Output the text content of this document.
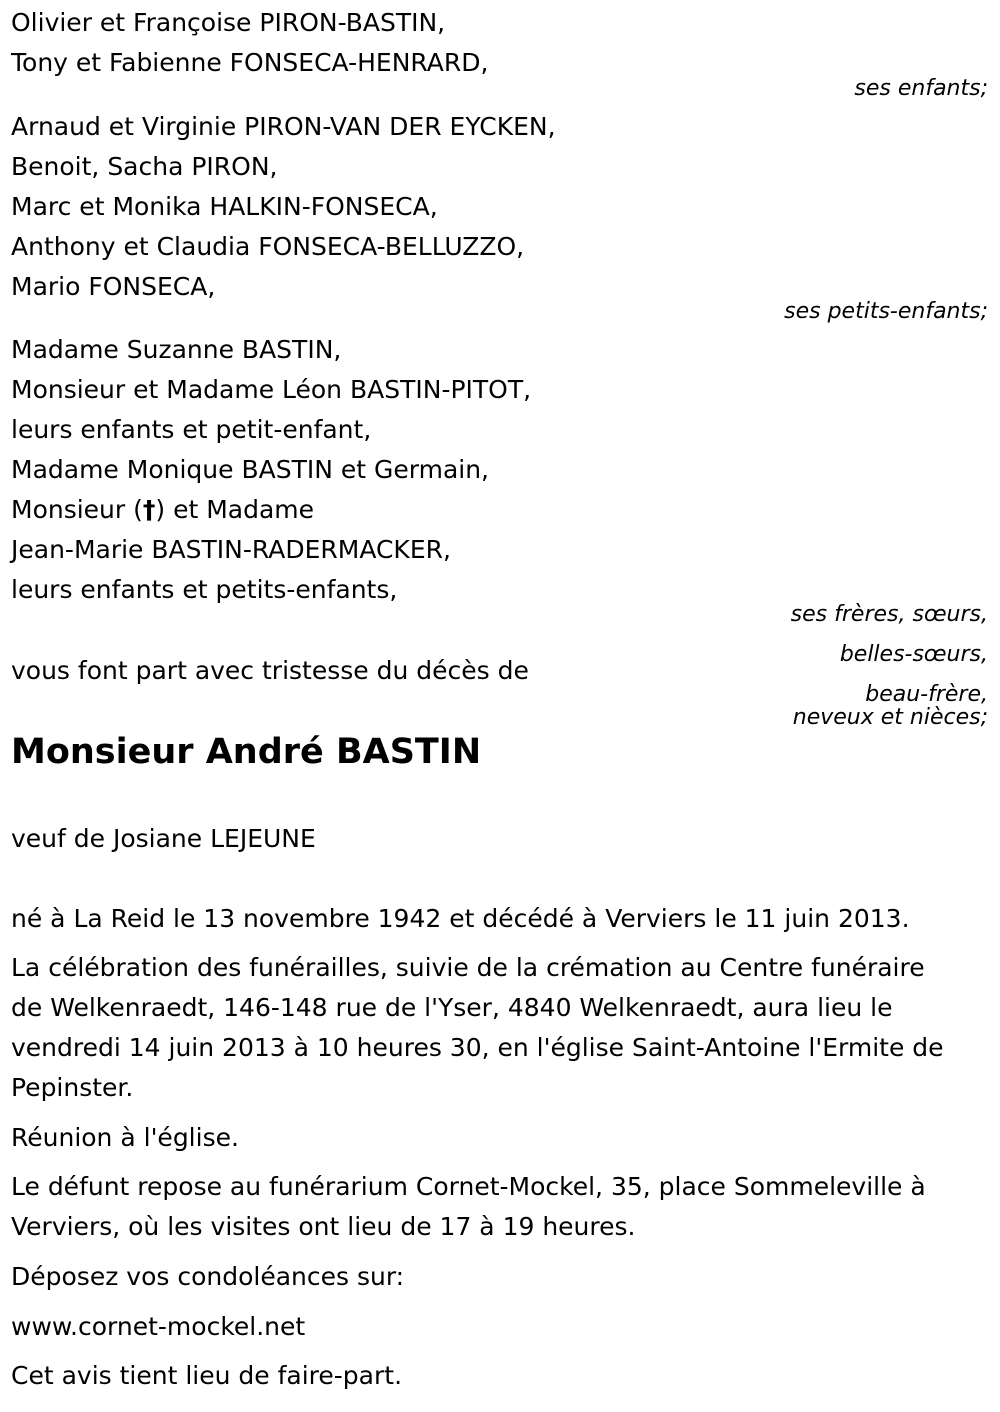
Olivier et Françoise PIRON-BASTIN,
Tony et Fabienne FONSECA-HENRARD,
ses enfants;
Arnaud et Virginie PIRON-VAN DER EYCKEN,
Benoit, Sacha PIRON,
Marc et Monika HALKIN-FONSECA,
Anthony et Claudia FONSECA-BELLUZZO,
Mario FONSECA,
ses petits-enfants;
Madame Suzanne BASTIN,
Monsieur et Madame Léon BASTIN-PITOT,
leurs enfants et petit-enfant,
Madame Monique BASTIN et Germain,
Monsieur (†) et Madame
Jean-Marie BASTIN-RADERMACKER,
leurs enfants et petits-enfants,
ses frères, sœurs,
belles-sœurs,
beau-frère,
neveux et nièces;
vous font part avec tristesse du décès de
Monsieur André BASTIN
veuf de Josiane LEJEUNE
né à La Reid le 13 novembre 1942 et décédé à Verviers le 11 juin 2013.
La célébration des funérailles, suivie de la crémation au Centre funéraire
de Welkenraedt, 146-148 rue de l'Yser, 4840 Welkenraedt, aura lieu le
vendredi 14 juin 2013 à 10 heures 30, en l'église Saint-Antoine l'Ermite de
Pepinster.
Réunion à l'église.
Le défunt repose au funérarium Cornet-Mockel, 35, place Sommeleville à
Verviers, où les visites ont lieu de 17 à 19 heures.
Déposez vos condoléances sur:
www.cornet-mockel.net
Cet avis tient lieu de faire-part.
